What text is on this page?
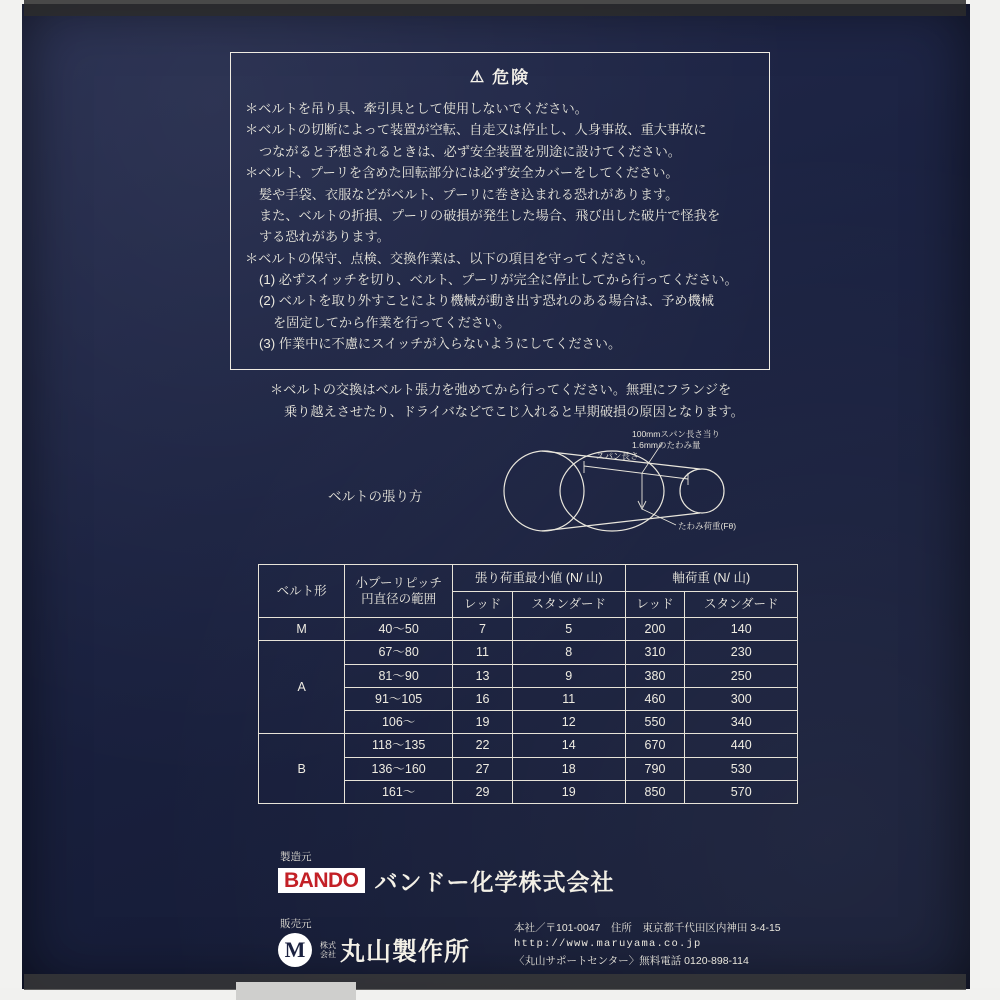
⚠ 危険
＊ベルトを吊り具、牽引具として使用しないでください。
＊ベルトの切断によって装置が空転、自走又は停止し、人身事故、重大事故に
つながると予想されるときは、必ず安全装置を別途に設けてください。
＊ベルト、プーリを含めた回転部分には必ず安全カバーをしてください。
髪や手袋、衣服などがベルト、プーリに巻き込まれる恐れがあります。
また、ベルトの折損、プーリの破損が発生した場合、飛び出した破片で怪我を
する恐れがあります。
＊ベルトの保守、点検、交換作業は、以下の項目を守ってください。
(1) 必ずスイッチを切り、ベルト、プーリが完全に停止してから行ってください。
(2) ベルトを取り外すことにより機械が動き出す恐れのある場合は、予め機械
を固定してから作業を行ってください。
(3) 作業中に不慮にスイッチが入らないようにしてください。
＊ベルトの交換はベルト張力を弛めてから行ってください。無理にフランジを
乗り越えさせたり、ドライバなどでこじ入れると早期破損の原因となります。
ベルトの張り方
スパン長さ
100mmスパン長さ当り
1.6mmのたわみ量
たわみ荷重(Fθ)
ベルト形	小プーリピッチ
円直径の範囲	張り荷重最小値 (N/ 山)		軸荷重 (N/ 山)	
		レッド	スタンダード	レッド	スタンダード
M	40〜50	7	5	200	140
A	67〜80	11	8	310	230
	81〜90	13	9	380	250
	91〜105	16	11	460	300
	106〜	19	12	550	340
B	118〜135	22	14	670	440
	136〜160	27	18	790	530
	161〜	29	19	850	570
製造元
BANDO バンドー化学株式会社
販売元
M	株式
会社 丸山製作所
本社／〒101-0047　住所　東京都千代田区内神田 3-4-15
http://www.maruyama.co.jp
〈丸山サポートセンター〉無料電話 0120-898-114
